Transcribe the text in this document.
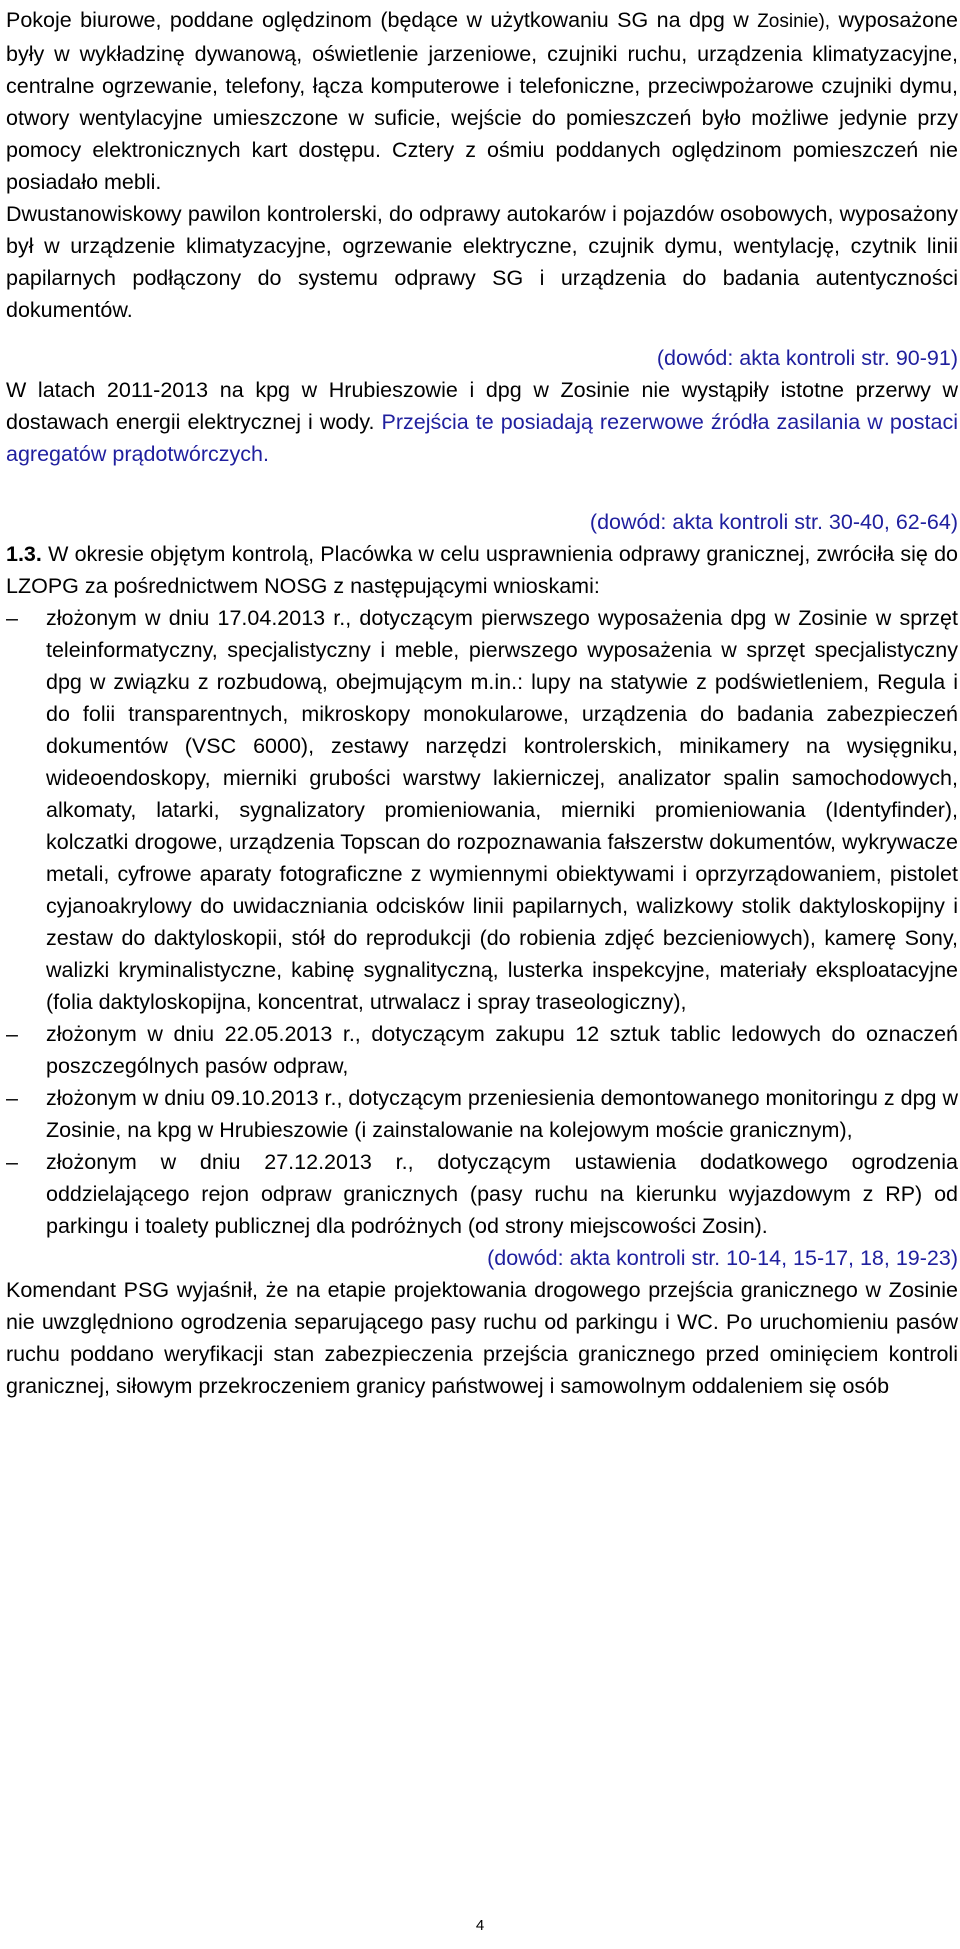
Pokoje biurowe, poddane oględzinom (będące w użytkowaniu SG na dpg w Zosinie), wyposażone były w wykładzinę dywanową, oświetlenie jarzeniowe, czujniki ruchu, urządzenia klimatyzacyjne, centralne ogrzewanie, telefony, łącza komputerowe i telefoniczne, przeciwpożarowe czujniki dymu, otwory wentylacyjne umieszczone w suficie, wejście do pomieszczeń było możliwe jedynie przy pomocy elektronicznych kart dostępu. Cztery z ośmiu poddanych oględzinom pomieszczeń nie posiadało mebli.

Dwustanowiskowy pawilon kontrolerski, do odprawy autokarów i pojazdów osobowych, wyposażony był w urządzenie klimatyzacyjne, ogrzewanie elektryczne, czujnik dymu, wentylację, czytnik linii papilarnych podłączony do systemu odprawy SG i urządzenia do badania autentyczności dokumentów.

(dowód: akta kontroli str. 90-91)

W latach 2011-2013 na kpg w Hrubieszowie i dpg w Zosinie nie wystąpiły istotne przerwy w dostawach energii elektrycznej i wody. Przejścia te posiadają rezerwowe źródła zasilania w postaci agregatów prądotwórczych.

(dowód: akta kontroli str. 30-40, 62-64)

1.3. W okresie objętym kontrolą, Placówka w celu usprawnienia odprawy granicznej, zwróciła się do LZOPG za pośrednictwem NOSG z następującymi wnioskami:

–	złożonym w dniu 17.04.2013 r., dotyczącym pierwszego wyposażenia dpg w Zosinie w sprzęt teleinformatyczny, specjalistyczny i meble, pierwszego wyposażenia w sprzęt specjalistyczny dpg w związku z rozbudową, obejmującym m.in.: lupy na statywie z podświetleniem, Regula i do folii transparentnych, mikroskopy monokularowe, urządzenia do badania zabezpieczeń dokumentów (VSC 6000), zestawy narzędzi kontrolerskich, minikamery na wysięgniku, wideoendoskopy, mierniki grubości warstwy lakierniczej, analizator spalin samochodowych, alkomaty, latarki, sygnalizatory promieniowania, mierniki promieniowania (Identyfinder), kolczatki drogowe, urządzenia Topscan do rozpoznawania fałszerstw dokumentów, wykrywacze metali, cyfrowe aparaty fotograficzne z wymiennymi obiektywami i oprzyrządowaniem, pistolet cyjanoakrylowy do uwidaczniania odcisków linii papilarnych, walizkowy stolik daktyloskopijny i zestaw do daktyloskopii, stół do reprodukcji (do robienia zdjęć bezcieniowych), kamerę Sony, walizki kryminalistyczne, kabinę sygnalityczną, lusterka inspekcyjne, materiały eksploatacyjne (folia daktyloskopijna, koncentrat, utrwalacz i spray traseologiczny),
–	złożonym w dniu 22.05.2013 r., dotyczącym zakupu 12 sztuk tablic ledowych do oznaczeń poszczególnych pasów odpraw,
–	złożonym w dniu 09.10.2013 r., dotyczącym przeniesienia demontowanego monitoringu z dpg w Zosinie, na kpg w Hrubieszowie (i zainstalowanie na kolejowym moście granicznym),
–	złożonym w dniu 27.12.2013 r., dotyczącym ustawienia dodatkowego ogrodzenia oddzielającego rejon odpraw granicznych (pasy ruchu na kierunku wyjazdowym z RP) od parkingu i toalety publicznej dla podróżnych (od strony miejscowości Zosin).

(dowód: akta kontroli str. 10-14, 15-17, 18, 19-23)

Komendant PSG wyjaśnił, że na etapie projektowania drogowego przejścia granicznego w Zosinie nie uwzględniono ogrodzenia separującego pasy ruchu od parkingu i WC. Po uruchomieniu pasów ruchu poddano weryfikacji stan zabezpieczenia przejścia granicznego przed ominięciem kontroli granicznej, siłowym przekroczeniem granicy państwowej i samowolnym oddaleniem się osób

4
